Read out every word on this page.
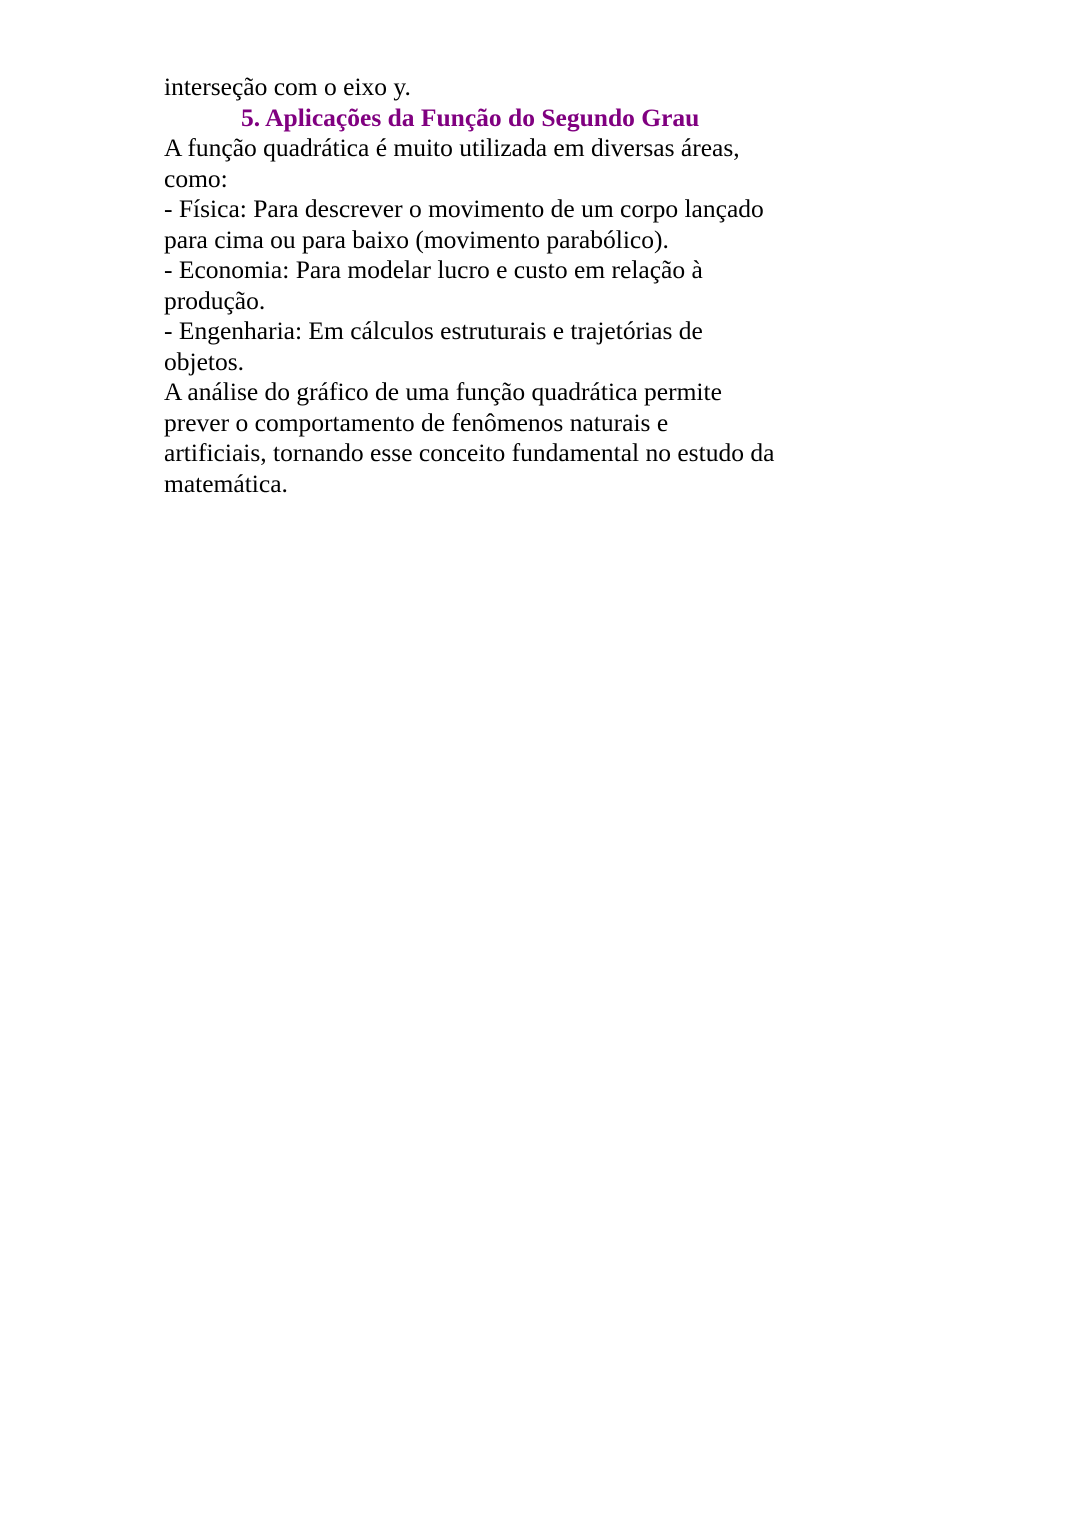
interseção com o eixo y.
5. Aplicações da Função do Segundo Grau
A função quadrática é muito utilizada em diversas áreas,
como:
- Física: Para descrever o movimento de um corpo lançado
para cima ou para baixo (movimento parabólico).
- Economia: Para modelar lucro e custo em relação à
produção.
- Engenharia: Em cálculos estruturais e trajetórias de
objetos.
A análise do gráfico de uma função quadrática permite
prever o comportamento de fenômenos naturais e
artificiais, tornando esse conceito fundamental no estudo da
matemática.
